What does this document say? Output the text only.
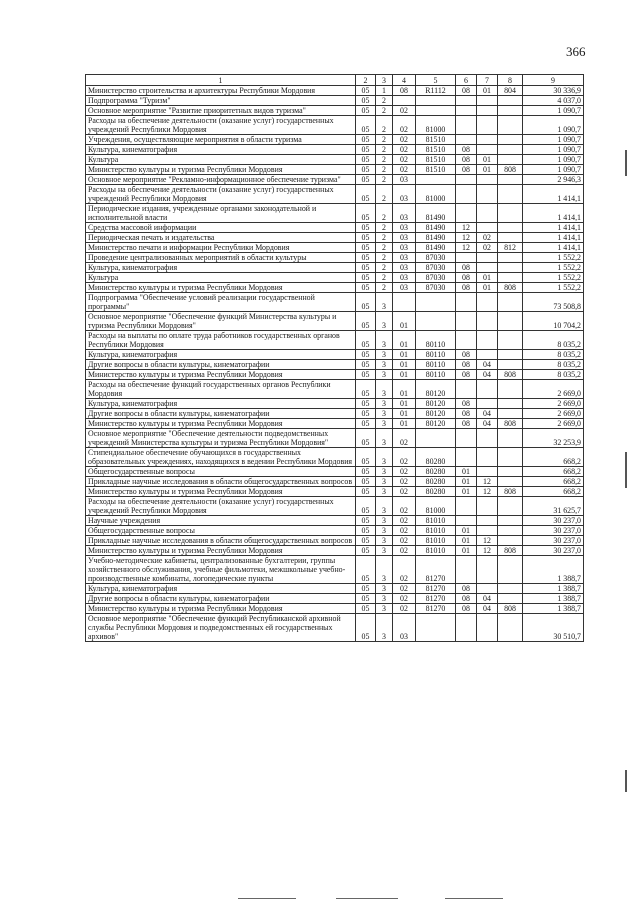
366
1	2	3	4	5	6	7	8	9
Министерство строительства и архитектуры Республики Мордовия	05	1	08	R1112	08	01	804	30 336,9
Подпрограмма "Туризм"	05	2						4 037,0
Основное мероприятие "Развитие приоритетных видов туризма"	05	2	02					1 090,7
Расходы на обеспечение деятельности (оказание услуг) государственных учреждений Республики Мордовия	05	2	02	81000				1 090,7
Учреждения, осуществляющие мероприятия в области туризма	05	2	02	81510				1 090,7
Культура, кинематография	05	2	02	81510	08			1 090,7
Культура	05	2	02	81510	08	01		1 090,7
Министерство культуры и туризма Республики Мордовия	05	2	02	81510	08	01	808	1 090,7
Основное мероприятие "Рекламно-информационное обеспечение туризма"	05	2	03					2 946,3
Расходы на обеспечение деятельности (оказание услуг) государственных учреждений Республики Мордовия	05	2	03	81000				1 414,1
Периодические издания, учрежденные органами законодательной и исполнительной власти	05	2	03	81490				1 414,1
Средства массовой информации	05	2	03	81490	12			1 414,1
Периодическая печать и издательства	05	2	03	81490	12	02		1 414,1
Министерство печати и информации Республики Мордовия	05	2	03	81490	12	02	812	1 414,1
Проведение централизованных мероприятий в области культуры	05	2	03	87030				1 552,2
Культура, кинематография	05	2	03	87030	08			1 552,2
Культура	05	2	03	87030	08	01		1 552,2
Министерство культуры и туризма Республики Мордовия	05	2	03	87030	08	01	808	1 552,2
Подпрограмма "Обеспечение условий реализации государственной программы"	05	3						73 508,8
Основное мероприятие "Обеспечение функций Министерства культуры и туризма Республики Мордовия"	05	3	01					10 704,2
Расходы на выплаты по оплате труда работников государственных органов Республики Мордовия	05	3	01	80110				8 035,2
Культура, кинематография	05	3	01	80110	08			8 035,2
Другие вопросы в области культуры, кинематографии	05	3	01	80110	08	04		8 035,2
Министерство культуры и туризма Республики Мордовия	05	3	01	80110	08	04	808	8 035,2
Расходы на обеспечение функций государственных органов Республики Мордовия	05	3	01	80120				2 669,0
Культура, кинематография	05	3	01	80120	08			2 669,0
Другие вопросы в области культуры, кинематографии	05	3	01	80120	08	04		2 669,0
Министерство культуры и туризма Республики Мордовия	05	3	01	80120	08	04	808	2 669,0
Основное мероприятие "Обеспечение деятельности подведомственных учреждений Министерства культуры и туризма Республики Мордовия"	05	3	02					32 253,9
Стипендиальное обеспечение обучающихся в государственных образовательных учреждениях, находящихся в ведении Республики Мордовия	05	3	02	80280				668,2
Общегосударственные вопросы	05	3	02	80280	01			668,2
Прикладные научные исследования в области общегосударственных вопросов	05	3	02	80280	01	12		668,2
Министерство культуры и туризма Республики Мордовия	05	3	02	80280	01	12	808	668,2
Расходы на обеспечение деятельности (оказание услуг) государственных учреждений Республики Мордовия	05	3	02	81000				31 625,7
Научные учреждения	05	3	02	81010				30 237,0
Общегосударственные вопросы	05	3	02	81010	01			30 237,0
Прикладные научные исследования в области общегосударственных вопросов	05	3	02	81010	01	12		30 237,0
Министерство культуры и туризма Республики Мордовия	05	3	02	81010	01	12	808	30 237,0
Учебно-методические кабинеты, централизованные бухгалтерии, группы хозяйственного обслуживания, учебные фильмотеки, межшкольные учебно-производственные комбинаты, логопедические пункты	05	3	02	81270				1 388,7
Культура, кинематография	05	3	02	81270	08			1 388,7
Другие вопросы в области культуры, кинематографии	05	3	02	81270	08	04		1 388,7
Министерство культуры и туризма Республики Мордовия	05	3	02	81270	08	04	808	1 388,7
Основное мероприятие "Обеспечение функций Республиканской архивной службы Республики Мордовия и подведомственных ей государственных архивов"	05	3	03					30 510,7
